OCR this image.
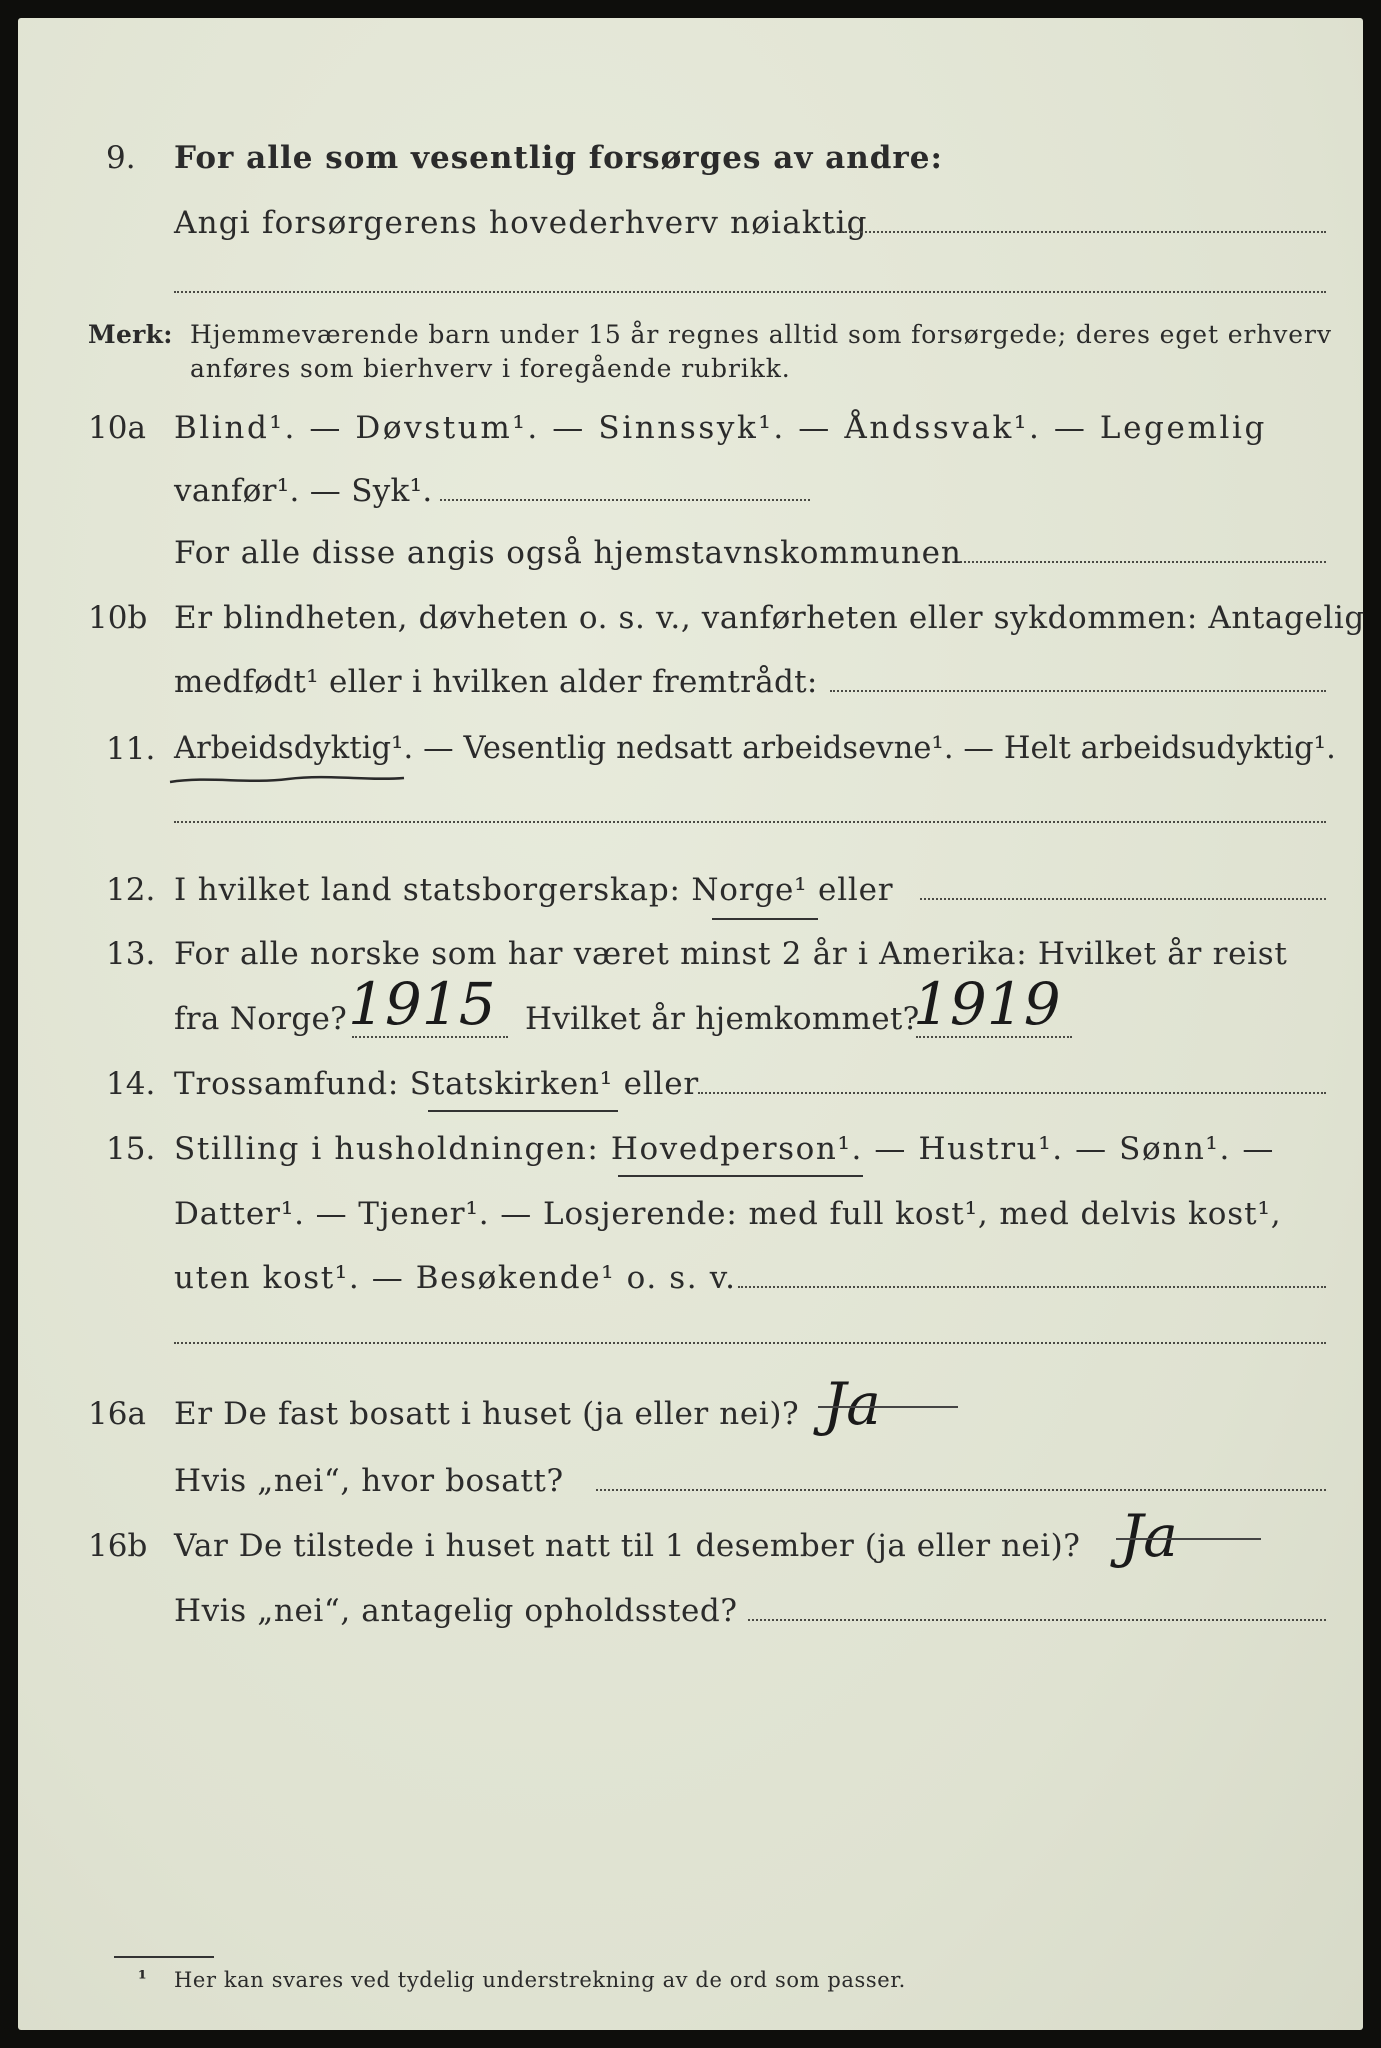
9. For alle som vesentlig forsørges av andre:
Angi forsørgerens hovederhverv nøiaktig
Merk: Hjemmeværende barn under 15 år regnes alltid som forsørgede; deres eget erhverv
anføres som bierhverv i foregående rubrikk.
10a Blind¹. — Døvstum¹. — Sinnssyk¹. — Åndssvak¹. — Legemlig
vanfør¹. — Syk¹.
For alle disse angis også hjemstavnskommunen
10b Er blindheten, døvheten o. s. v., vanførheten eller sykdommen: Antagelig
medfødt¹ eller i hvilken alder fremtrådt:
11. Arbeidsdyktig¹. — Vesentlig nedsatt arbeidsevne¹. — Helt arbeidsudyktig¹.
12. I hvilket land statsborgerskap: Norge¹ eller
13. For alle norske som har været minst 2 år i Amerika: Hvilket år reist
fra Norge? 1915 Hvilket år hjemkommet?
1919
14. Trossamfund: Statskirken¹ eller
15. Stilling i husholdningen: Hovedperson¹. — Hustru¹. — Sønn¹. —
Datter¹. — Tjener¹. — Losjerende: med full kost¹, med delvis kost¹,
uten kost¹. — Besøkende¹ o. s. v.
16a Er De fast bosatt i huset (ja eller nei)? Ja
Hvis „nei“, hvor bosatt?
16b Var De tilstede i huset natt til 1 desember (ja eller nei)? Ja
Hvis „nei“, antagelig opholdssted?
¹ Her kan svares ved tydelig understrekning av de ord som passer.
